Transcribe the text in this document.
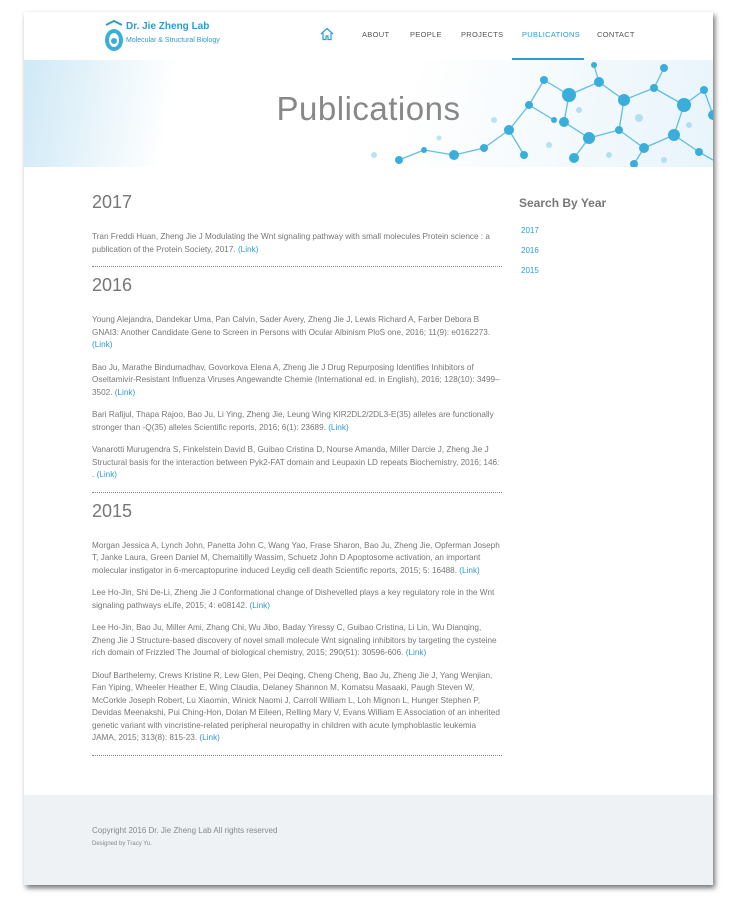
Dr. Jie Zheng Lab
Molecular & Structural Biology
ABOUT	PEOPLE	PROJECTS PUBLICATIONS CONTACT
Publications
2017

Tran Freddi Huan, Zheng Jie J Modulating the Wnt signaling pathway with small molecules Protein science : a publication of the Protein Society, 2017. (Link)

2016

Young Alejandra, Dandekar Uma, Pan Calvin, Sader Avery, Zheng Jie J, Lewis Richard A, Farber Debora B GNAI3: Another Candidate Gene to Screen in Persons with Ocular Albinism PloS one, 2016; 11(9): e0162273. (Link)

Bao Ju, Marathe Bindumadhav, Govorkova Elena A, Zheng Jie J Drug Repurposing Identifies Inhibitors of Oseltamivir-Resistant Influenza Viruses Angewandte Chemie (International ed. in English), 2016; 128(10): 3499–3502. (Link)

Bari Rafijul, Thapa Rajoo, Bao Ju, Li Ying, Zheng Jie, Leung Wing KIR2DL2/2DL3-E(35) alleles are functionally stronger than -Q(35) alleles Scientific reports, 2016; 6(1): 23689. (Link)

Vanarotti Murugendra S, Finkelstein David B, Guibao Cristina D, Nourse Amanda, Miller Darcie J, Zheng Jie J Structural basis for the interaction between Pyk2-FAT domain and Leupaxin LD repeats Biochemistry, 2016; 146: . (Link)

2015

Morgan Jessica A, Lynch John, Panetta John C, Wang Yao, Frase Sharon, Bao Ju, Zheng Jie, Opferman Joseph T, Janke Laura, Green Daniel M, Chemaitilly Wassim, Schuetz John D Apoptosome activation, an important molecular instigator in 6-mercaptopurine induced Leydig cell death Scientific reports, 2015; 5: 16488. (Link)

Lee Ho-Jin, Shi De-Li, Zheng Jie J Conformational change of Dishevelled plays a key regulatory role in the Wnt signaling pathways eLife, 2015; 4: e08142. (Link)

Lee Ho-Jin, Bao Ju, Miller Ami, Zhang Chi, Wu Jibo, Baday Yiressy C, Guibao Cristina, Li Lin, Wu Dianqing, Zheng Jie J Structure-based discovery of novel small molecule Wnt signaling inhibitors by targeting the cysteine rich domain of Frizzled The Journal of biological chemistry, 2015; 290(51): 30596-606. (Link)

Diouf Barthelemy, Crews Kristine R, Lew Glen, Pei Deqing, Cheng Cheng, Bao Ju, Zheng Jie J, Yang Wenjian, Fan Yiping, Wheeler Heather E, Wing Claudia, Delaney Shannon M, Komatsu Masaaki, Paugh Steven W, McCorkle Joseph Robert, Lu Xiaomin, Winick Naomi J, Carroll William L, Loh Mignon L, Hunger Stephen P, Devidas Meenakshi, Pui Ching-Hon, Dolan M Eileen, Relling Mary V, Evans William E Association of an inherited genetic variant with vincristine-related peripheral neuropathy in children with acute lymphoblastic leukemia JAMA, 2015; 313(8): 815-23. (Link)

Search By Year
2017
2016
2015
Copyright 2016 Dr. Jie Zheng Lab All rights reserved
Designed by Tracy Yu.
